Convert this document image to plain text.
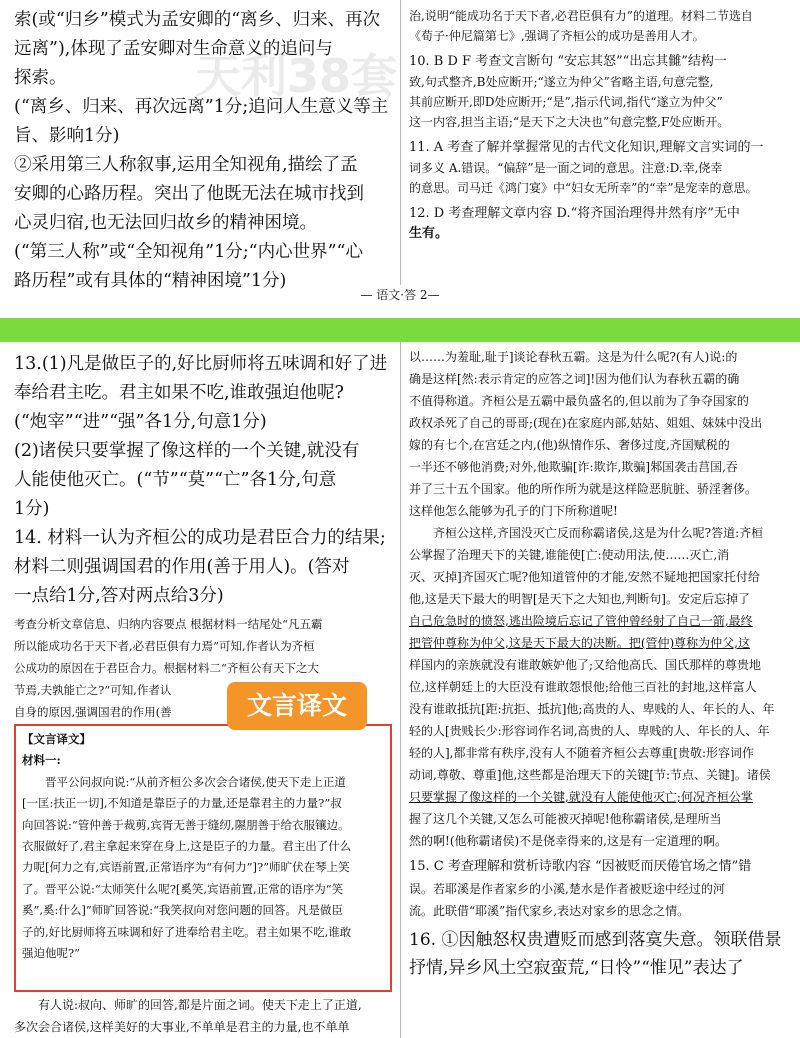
索(或“归乡”模式为孟安卿的“离乡、归来、再次

远离”),体现了孟安卿对生命意义的追问与

探索。

(“离乡、归来、再次远离”1分;追问人生意义等主

旨、影响1分)

②采用第三人称叙事,运用全知视角,描绘了孟

安卿的心路历程。突出了他既无法在城市找到

心灵归宿,也无法回归故乡的精神困境。

(“第三人称”或“全知视角”1分;“内心世界”“心

路历程”或有具体的“精神困境”1分)

天利38套

治,说明“能成功名于天下者,必君臣俱有力”的道理。材料二节选自

《荀子·仲尼篇第七》,强调了齐桓公的成功是善用人才。

10. B D F 考查文言断句 “安忘其怒”“出忘其雠”结构一

致,句式整齐,B处应断开;“遂立为仲父”省略主语,句意完整,

其前应断开,即D处应断开;“是”,指示代词,指代“遂立为仲父”

这一内容,担当主语;“是天下之大决也”句意完整,F处应断开。

11. A 考查了解并掌握常见的古代文化知识,理解文言实词的一

词多义 A.错误。“偏辞”是一面之词的意思。注意:D.幸,侥幸

的意思。司马迁《鸿门宴》中“妇女无所幸”的“幸”是宠幸的意思。

12. D 考查理解文章内容 D.“将齐国治理得井然有序”无中

生有。

— 语文·答 2—

13.(1)凡是做臣子的,好比厨师将五味调和好了进

奉给君主吃。君主如果不吃,谁敢强迫他呢?

(“炮宰”“进”“强”各1分,句意1分)

(2)诸侯只要掌握了像这样的一个关键,就没有

人能使他灭亡。(“节”“莫”“亡”各1分,句意

1分)

14. 材料一认为齐桓公的成功是君臣合力的结果;

材料二则强调国君的作用(善于用人)。(答对

一点给1分,答对两点给3分)

考查分析文章信息、归纳内容要点 根据材料一结尾处“凡五霸

所以能成功名于天下者,必君臣俱有力焉”可知,作者认为齐桓

公成功的原因在于君臣合力。根据材料二“齐桓公有天下之大

节焉,夫孰能亡之?”可知,作者认

自身的原因,强调国君的作用(善

【文言译文】

材料一:

晋平公问叔向说:“从前齐桓公多次会合诸侯,使天下走上正道

[一匡:扶正一切],不知道是靠臣子的力量,还是靠君主的力量?”叔

向回答说:“管仲善于裁剪,宾胥无善于缝纫,隰朋善于给衣服镶边。

衣服做好了,君主拿起来穿在身上,这是臣子的力量。君主出了什么

力呢[何力之有,宾语前置,正常语序为“有何力”]?”师旷伏在琴上笑

了。晋平公说:“太师笑什么呢?[奚笑,宾语前置,正常的语序为“笑

奚”,奚:什么]”师旷回答说:“我笑叔向对您问题的回答。凡是做臣

子的,好比厨师将五味调和好了进奉给君主吃。君主如果不吃,谁敢

强迫他呢?”

文言译文

有人说:叔向、师旷的回答,都是片面之词。使天下走上了正道,

多次会合诸侯,这样美好的大事业,不单单是君主的力量,也不单单

以……为羞耻,耻于]谈论春秋五霸。这是为什么呢?(有人)说:的

确是这样[然:表示肯定的应答之词]!因为他们认为春秋五霸的确

不值得称道。齐桓公是五霸中最负盛名的,但以前为了争夺国家的

政权杀死了自己的哥哥;(现在)在家庭内部,姑姑、姐姐、妹妹中没出

嫁的有七个,在宫廷之内,(他)纵情作乐、奢侈过度,齐国赋税的

一半还不够他消费;对外,他欺骗[诈:欺诈,欺骗]邾国袭击莒国,吞

并了三十五个国家。他的所作所为就是这样险恶肮脏、骄淫奢侈。

这样他怎么能够为孔子的门下所称道呢!

齐桓公这样,齐国没灭亡反而称霸诸侯,这是为什么呢?答道:齐桓

公掌握了治理天下的关键,谁能使[亡:使动用法,使……灭亡,消

灭、灭掉]齐国灭亡呢?他知道管仲的才能,安然不疑地把国家托付给

他,这是天下最大的明智[是天下之大知也,判断句]。安定后忘掉了

自己危急时的愤怒,逃出险境后忘记了管仲曾经射了自己一箭,最终

把管仲尊称为仲父,这是天下最大的决断。把(管仲)尊称为仲父,这

样国内的亲族就没有谁敢嫉妒他了;又给他高氏、国氏那样的尊贵地

位,这样朝廷上的大臣没有谁敢怨恨他;给他三百社的封地,这样富人

没有谁敢抵抗[距:抗拒、抵抗]他;高贵的人、卑贱的人、年长的人、年

轻的人[贵贱长少:形容词作名词,高贵的人、卑贱的人、年长的人、年

轻的人],都非常有秩序,没有人不随着齐桓公去尊重[贵敬:形容词作

动词,尊敬、尊重]他,这些都是治理天下的关键[节:节点、关键]。诸侯

只要掌握了像这样的一个关键,就没有人能使他灭亡;何况齐桓公掌

握了这几个关键,又怎么可能被灭掉呢!他称霸诸侯,是理所当

然的啊!(他称霸诸侯)不是侥幸得来的,这是有一定道理的啊。

15. C 考查理解和赏析诗歌内容 “因被贬而厌倦官场之情”错

误。若耶溪是作者家乡的小溪,楚水是作者被贬途中经过的河

流。此联借“耶溪”指代家乡,表达对家乡的思念之情。

16. ①因触怒权贵遭贬而感到落寞失意。领联借景

抒情,异乡风土空寂蛮荒,“日怜”“惟见”表达了
